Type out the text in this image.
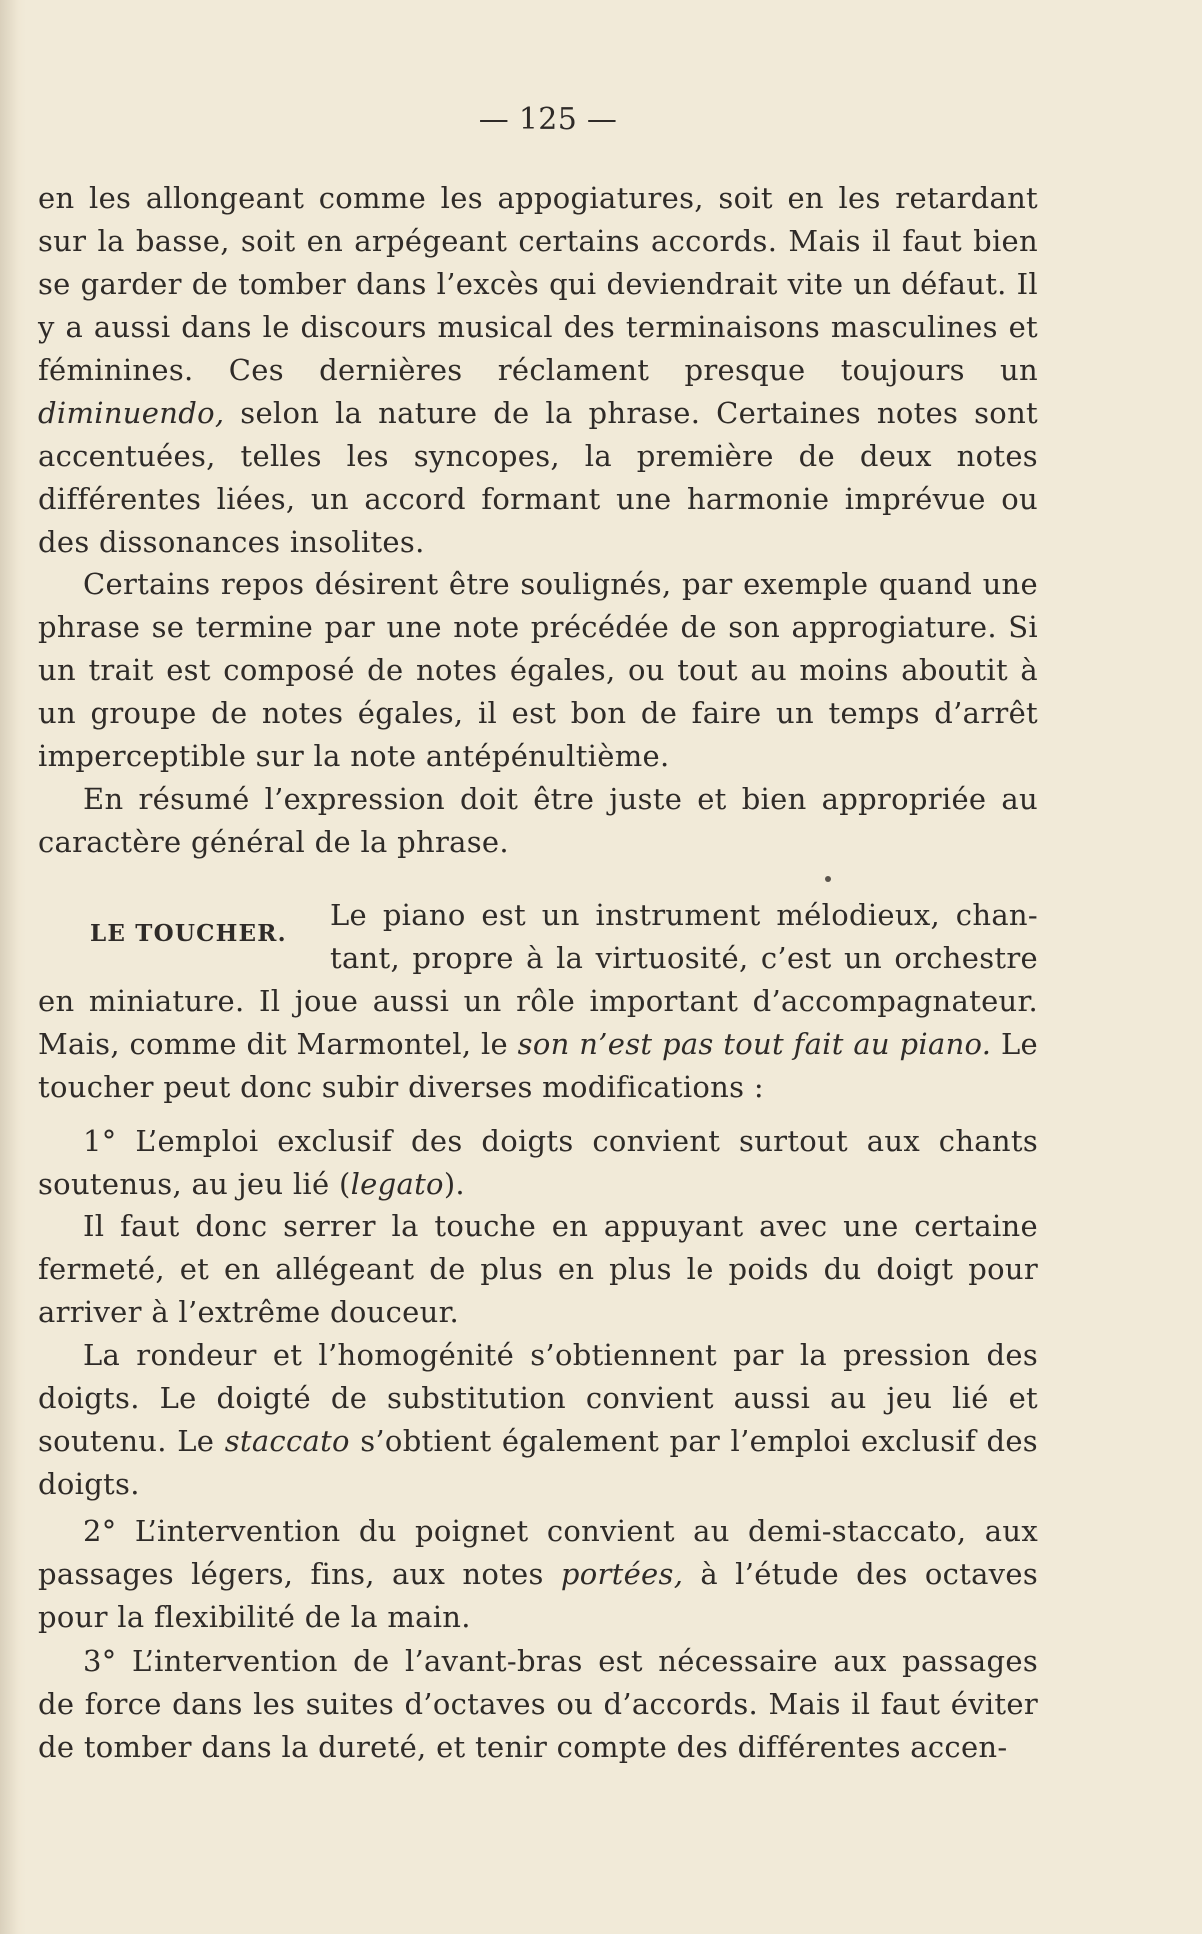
— 125 —

en les allongeant comme les appogiatures, soit en les retardant sur la basse, soit en arpégeant certains accords. Mais il faut bien se garder de tomber dans l’excès qui deviendrait vite un défaut. Il y a aussi dans le discours musical des terminaisons masculines et féminines. Ces dernières réclament presque toujours un diminuendo, selon la nature de la phrase. Certaines notes sont accentuées, telles les syncopes, la première de deux notes différentes liées, un accord formant une harmonie imprévue ou des dissonances insolites.

Certains repos désirent être soulignés, par exemple quand une phrase se termine par une note précédée de son approgiature. Si un trait est composé de notes égales, ou tout au moins aboutit à un groupe de notes égales, il est bon de faire un temps d’arrêt imperceptible sur la note antépénultième.

En résumé l’expression doit être juste et bien appropriée au caractère général de la phrase.

LE TOUCHER.
Le piano est un instrument mélodieux, chan-
tant, propre à la virtuosité, c’est un orchestre

en miniature. Il joue aussi un rôle important d’accompagnateur. Mais, comme dit Marmontel, le son n’est pas tout fait au piano. Le toucher peut donc subir diverses modifications :

1° L’emploi exclusif des doigts convient surtout aux chants soutenus, au jeu lié (legato).

Il faut donc serrer la touche en appuyant avec une certaine fermeté, et en allégeant de plus en plus le poids du doigt pour arriver à l’extrême douceur.

La rondeur et l’homogénité s’obtiennent par la pression des doigts. Le doigté de substitution convient aussi au jeu lié et soutenu. Le staccato s’obtient également par l’emploi exclusif des doigts.

2° L’intervention du poignet convient au demi-staccato, aux passages légers, fins, aux notes portées, à l’étude des octaves pour la flexibilité de la main.

3° L’intervention de l’avant-bras est nécessaire aux passages de force dans les suites d’octaves ou d’accords. Mais il faut éviter de tomber dans la dureté, et tenir compte des différentes accen-
